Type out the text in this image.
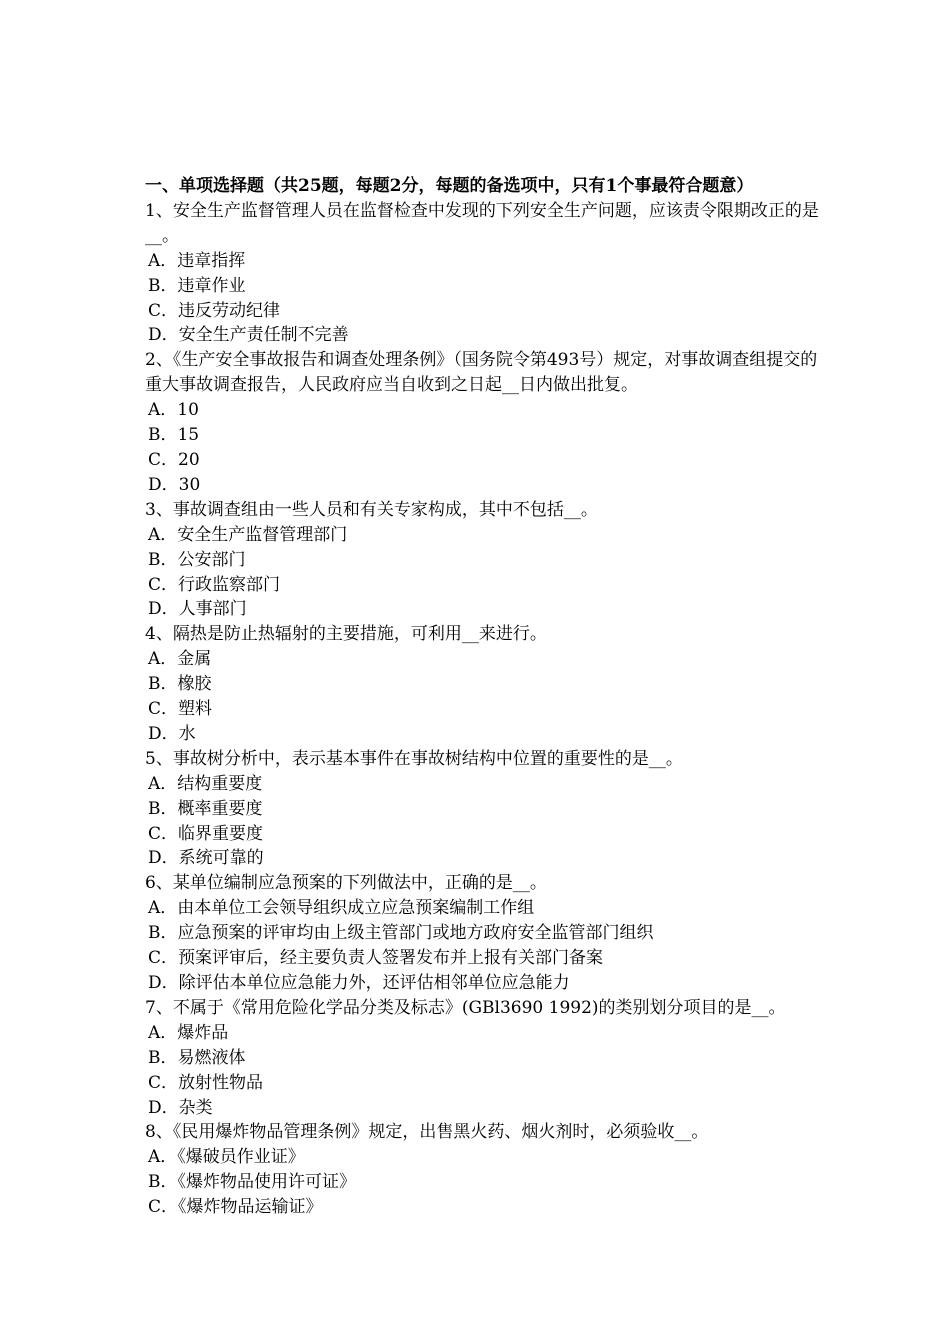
一、单项选择题（共25题，每题2分，每题的备选项中，只有1个事最符合题意）
1、安全生产监督管理人员在监督检查中发现的下列安全生产问题，应该责令限期改正的是__。
A．违章指挥
B．违章作业
C．违反劳动纪律
D．安全生产责任制不完善
2、《生产安全事故报告和调查处理条例》（国务院令第493号）规定，对事故调查组提交的重大事故调查报告，人民政府应当自收到之日起__日内做出批复。
A．10
B．15
C．20
D．30
3、事故调查组由一些人员和有关专家构成，其中不包括__。
A．安全生产监督管理部门
B．公安部门
C．行政监察部门
D．人事部门
4、隔热是防止热辐射的主要措施，可利用__来进行。
A．金属
B．橡胶
C．塑料
D．水
5、事故树分析中，表示基本事件在事故树结构中位置的重要性的是__。
A．结构重要度
B．概率重要度
C．临界重要度
D．系统可靠的
6、某单位编制应急预案的下列做法中，正确的是__。
A．由本单位工会领导组织成立应急预案编制工作组
B．应急预案的评审均由上级主管部门或地方政府安全监管部门组织
C．预案评审后，经主要负责人签署发布并上报有关部门备案
D．除评估本单位应急能力外，还评估相邻单位应急能力
7、不属于《常用危险化学品分类及标志》(GBl3690 1992)的类别划分项目的是__。
A．爆炸品
B．易燃液体
C．放射性物品
D．杂类
8、《民用爆炸物品管理条例》规定，出售黑火药、烟火剂时，必须验收__。
A．《爆破员作业证》
B．《爆炸物品使用许可证》
C．《爆炸物品运输证》
